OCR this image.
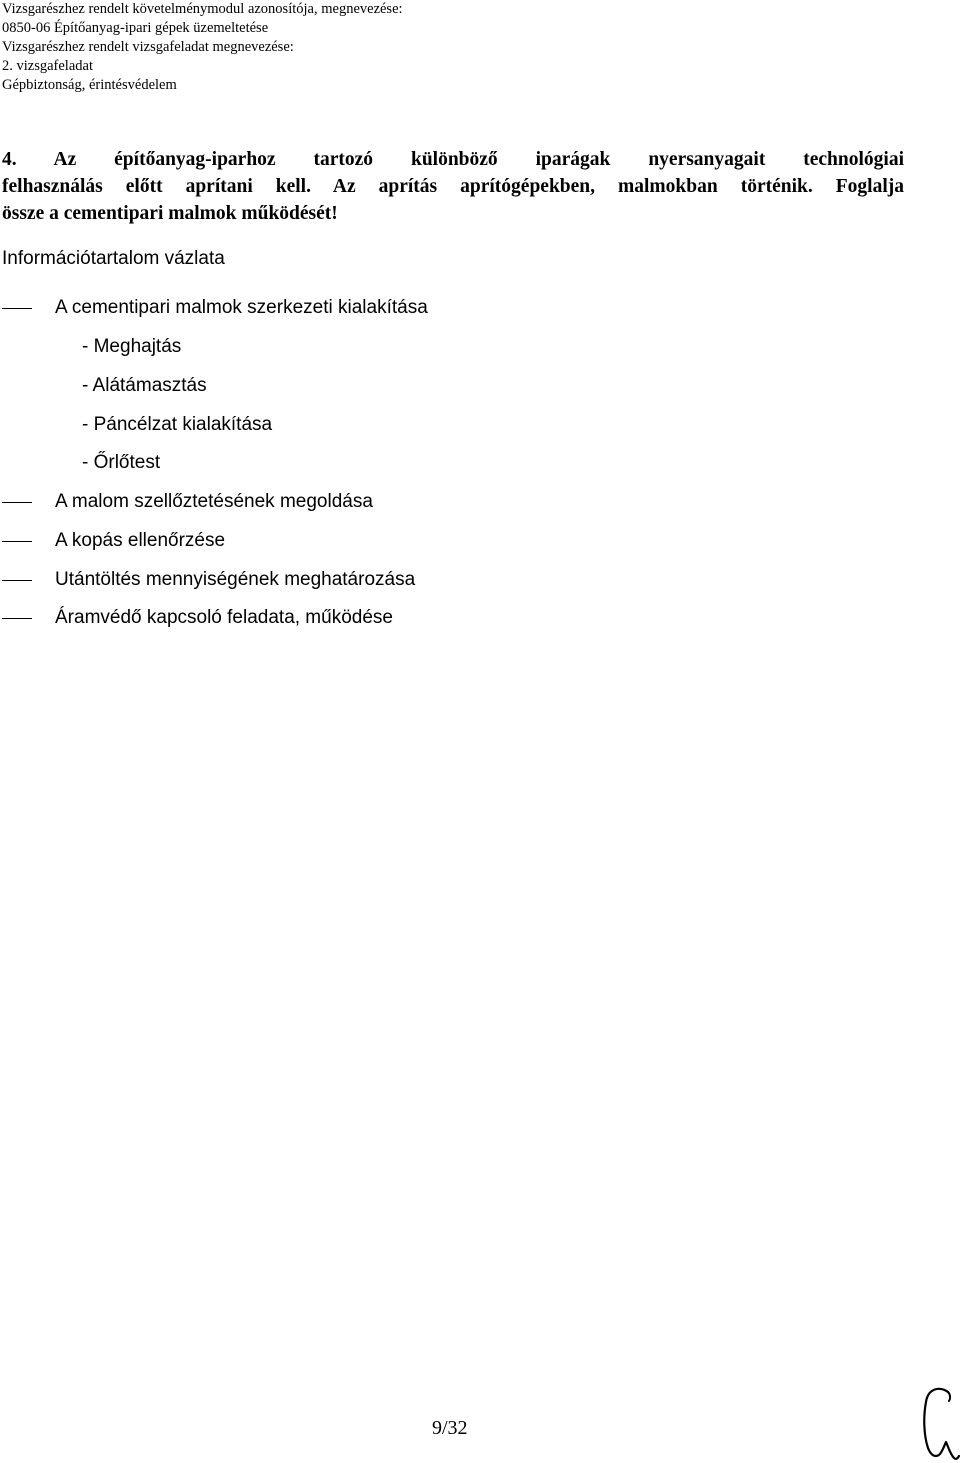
Vizsgarészhez rendelt követelménymodul azonosítója, megnevezése:
0850-06 Építőanyag-ipari gépek üzemeltetése
Vizsgarészhez rendelt vizsgafeladat megnevezése:
2. vizsgafeladat
Gépbiztonság, érintésvédelem
4. Az építőanyag-iparhoz tartozó különböző iparágak nyersanyagait technológiai
felhasználás előtt aprítani kell. Az aprítás aprítógépekben, malmokban történik. Foglalja
össze a cementipari malmok működését!
Információtartalom vázlata
A cementipari malmok szerkezeti kialakítása
- Meghajtás
- Alátámasztás
- Páncélzat kialakítása
- Őrlőtest
A malom szellőztetésének megoldása
A kopás ellenőrzése
Utántöltés mennyiségének meghatározása
Áramvédő kapcsoló feladata, működése
9/32
